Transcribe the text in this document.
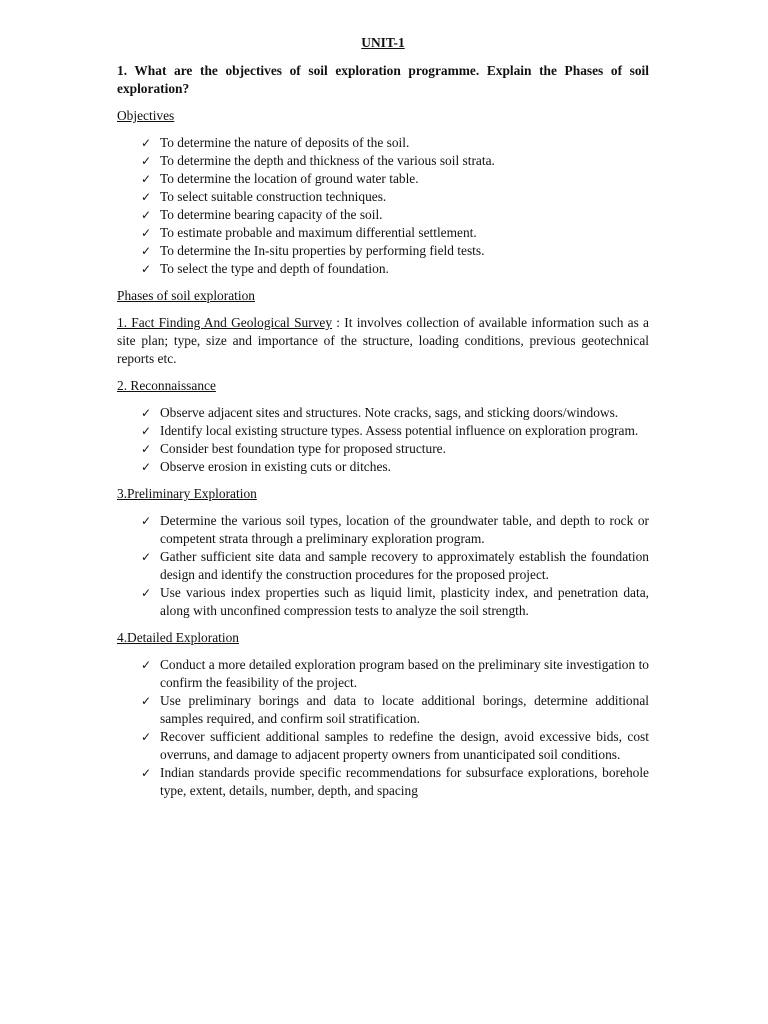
UNIT-1
1. What are the objectives of soil exploration programme. Explain the Phases of soil exploration?
Objectives
✓ To determine the nature of deposits of the soil.
✓ To determine the depth and thickness of the various soil strata.
✓ To determine the location of ground water table.
✓ To select suitable construction techniques.
✓ To determine bearing capacity of the soil.
✓ To estimate probable and maximum differential settlement.
✓ To determine the In-situ properties by performing field tests.
✓ To select the type and depth of foundation.
Phases of soil exploration
1. Fact Finding And Geological Survey : It involves collection of available information such as a site plan; type, size and importance of the structure, loading conditions, previous geotechnical reports etc.
2. Reconnaissance
✓ Observe adjacent sites and structures. Note cracks, sags, and sticking doors/windows.
✓ Identify local existing structure types. Assess potential influence on exploration program.
✓ Consider best foundation type for proposed structure.
✓ Observe erosion in existing cuts or ditches.
3.Preliminary Exploration
✓ Determine the various soil types, location of the groundwater table, and depth to rock or competent strata through a preliminary exploration program.
✓ Gather sufficient site data and sample recovery to approximately establish the foundation design and identify the construction procedures for the proposed project.
✓ Use various index properties such as liquid limit, plasticity index, and penetration data, along with unconfined compression tests to analyze the soil strength.
4.Detailed Exploration
✓ Conduct a more detailed exploration program based on the preliminary site investigation to confirm the feasibility of the project.
✓ Use preliminary borings and data to locate additional borings, determine additional samples required, and confirm soil stratification.
✓ Recover sufficient additional samples to redefine the design, avoid excessive bids, cost overruns, and damage to adjacent property owners from unanticipated soil conditions.
✓ Indian standards provide specific recommendations for subsurface explorations, borehole type, extent, details, number, depth, and spacing
